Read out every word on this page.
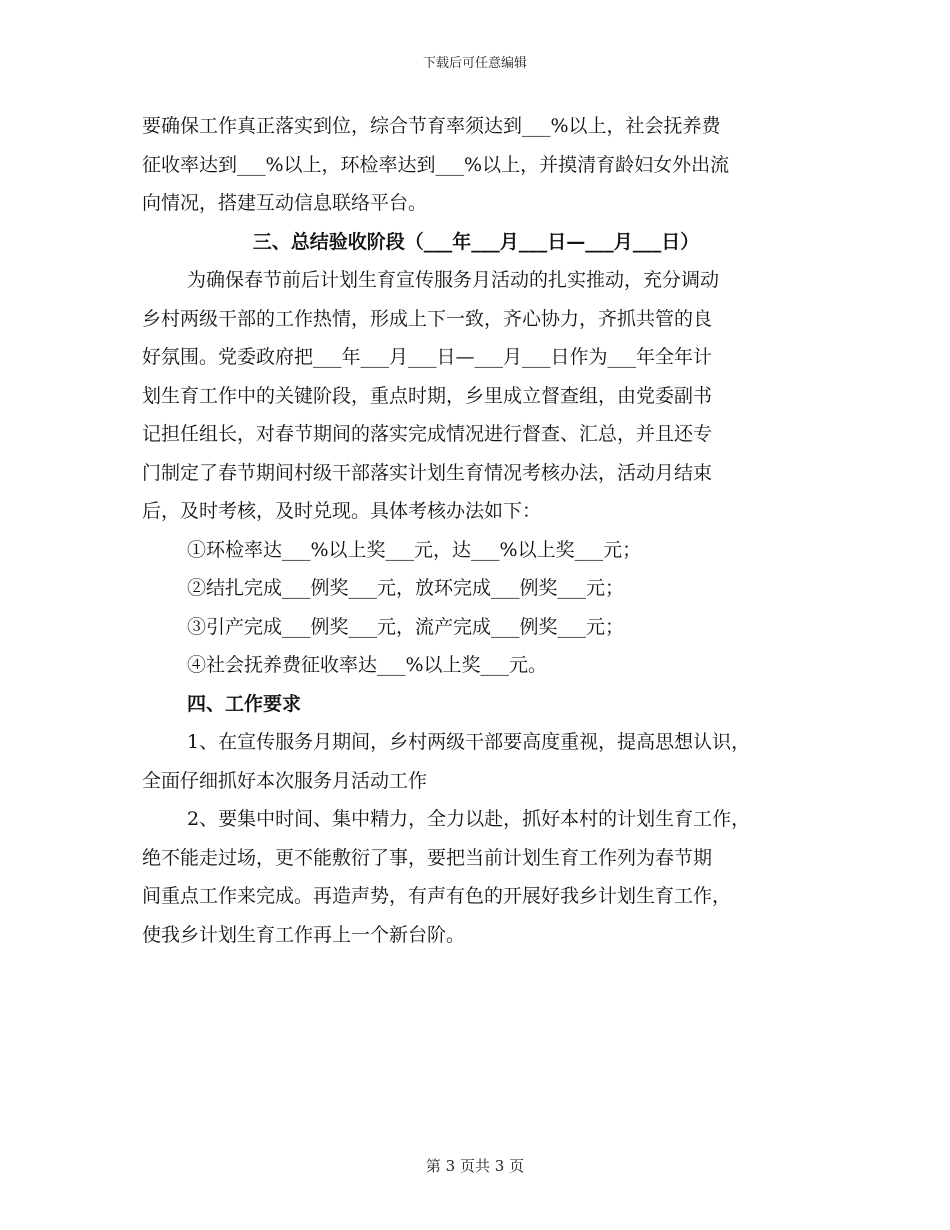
下载后可任意编辑
要确保工作真正落实到位，综合节育率须达到___%以上，社会抚养费
征收率达到___%以上，环检率达到___%以上，并摸清育龄妇女外出流
向情况，搭建互动信息联络平台。
三、总结验收阶段（___年___月___日—___月___日）
为确保春节前后计划生育宣传服务月活动的扎实推动，充分调动
乡村两级干部的工作热情，形成上下一致，齐心协力，齐抓共管的良
好氛围。党委政府把___年___月___日—___月___日作为___年全年计
划生育工作中的关键阶段，重点时期，乡里成立督查组，由党委副书
记担任组长，对春节期间的落实完成情况进行督查、汇总，并且还专
门制定了春节期间村级干部落实计划生育情况考核办法，活动月结束
后，及时考核，及时兑现。具体考核办法如下：
①环检率达___%以上奖___元，达___%以上奖___元；
②结扎完成___例奖___元，放环完成___例奖___元；
③引产完成___例奖___元，流产完成___例奖___元；
④社会抚养费征收率达___%以上奖___元。
四、工作要求
1、在宣传服务月期间，乡村两级干部要高度重视，提高思想认识，
全面仔细抓好本次服务月活动工作
2、要集中时间、集中精力，全力以赴，抓好本村的计划生育工作，
绝不能走过场，更不能敷衍了事，要把当前计划生育工作列为春节期
间重点工作来完成。再造声势，有声有色的开展好我乡计划生育工作，
使我乡计划生育工作再上一个新台阶。
第 3 页共 3 页
